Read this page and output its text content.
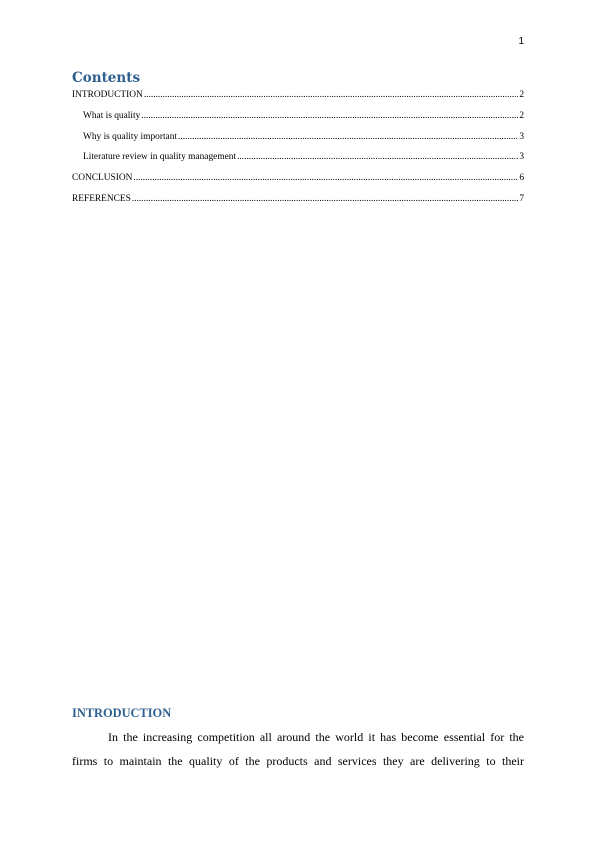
1
Contents
INTRODUCTION .....	2
What is quality .....	2
Why is quality important .....	3
Literature review in quality management .....	3
CONCLUSION .....	6
REFERENCES .....	7
INTRODUCTION

In the increasing competition all around the world it has become essential for the firms to maintain the quality of the products and services they are delivering to their
